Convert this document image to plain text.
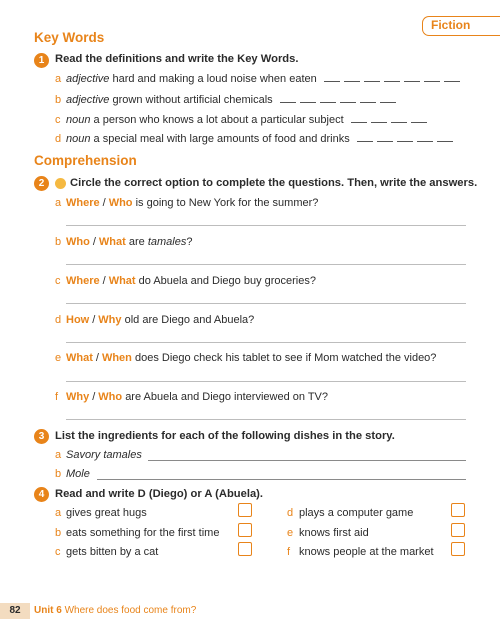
Fiction
Key Words
1 Read the definitions and write the Key Words.
a adjective hard and making a loud noise when eaten
b adjective grown without artificial chemicals
c noun a person who knows a lot about a particular subject
d noun a special meal with large amounts of food and drinks
Comprehension
2	Circle the correct option to complete the questions. Then, write the answers.
a Where / Who is going to New York for the summer?
b Who / What are tamales?
c Where / What do Abuela and Diego buy groceries?
d How / Why old are Diego and Abuela?
e What / When does Diego check his tablet to see if Mom watched the video?
f Why / Who are Abuela and Diego interviewed on TV?
3 List the ingredients for each of the following dishes in the story.
a Savory tamales
b Mole
4 Read and write D (Diego) or A (Abuela).
a gives great hugs
b eats something for the first time
c gets bitten by a cat
d plays a computer game
e knows first aid
f knows people at the market
82	Unit 6 Where does food come from?
